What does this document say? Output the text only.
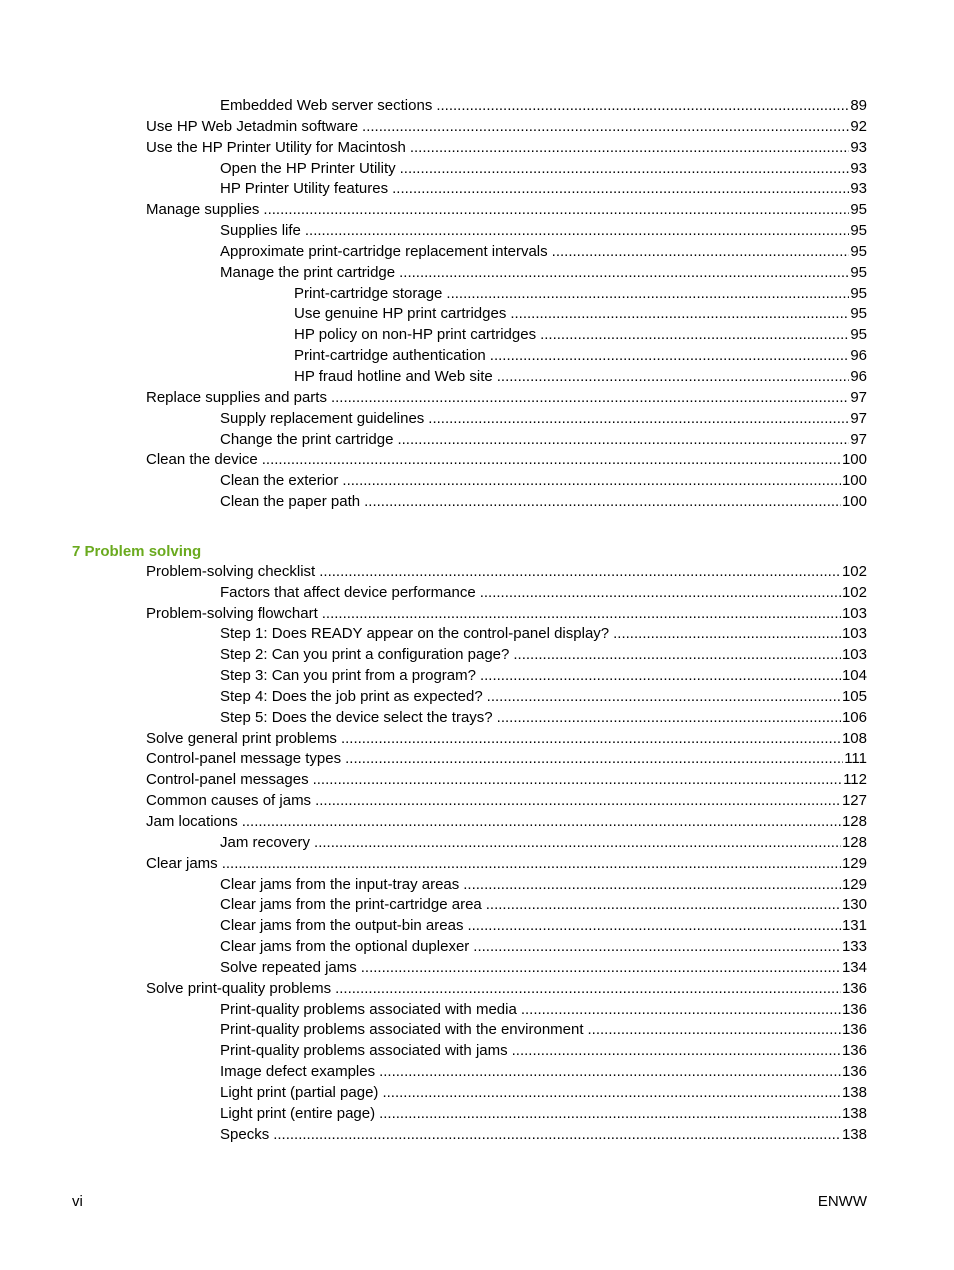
Embedded Web server sections .....	89
Use HP Web Jetadmin software .....	92
Use the HP Printer Utility for Macintosh .....	93
Open the HP Printer Utility .....	93
HP Printer Utility features .....	93
Manage supplies .....	95
Supplies life .....	95
Approximate print-cartridge replacement intervals .....	95
Manage the print cartridge .....	95
Print-cartridge storage .....	95
Use genuine HP print cartridges .....	95
HP policy on non-HP print cartridges .....	95
Print-cartridge authentication .....	96
HP fraud hotline and Web site .....	96
Replace supplies and parts .....	97
Supply replacement guidelines .....	97
Change the print cartridge .....	97
Clean the device .....	100
Clean the exterior .....	100
Clean the paper path .....	100
7 Problem solving
Problem-solving checklist .....	102
Factors that affect device performance .....	102
Problem-solving flowchart .....	103
Step 1: Does READY appear on the control-panel display? .....	103
Step 2: Can you print a configuration page? .....	103
Step 3: Can you print from a program? .....	104
Step 4: Does the job print as expected? .....	105
Step 5: Does the device select the trays? .....	106
Solve general print problems .....	108
Control-panel message types .....	111
Control-panel messages .....	112
Common causes of jams .....	127
Jam locations .....	128
Jam recovery .....	128
Clear jams .....	129
Clear jams from the input-tray areas .....	129
Clear jams from the print-cartridge area .....	130
Clear jams from the output-bin areas .....	131
Clear jams from the optional duplexer .....	133
Solve repeated jams .....	134
Solve print-quality problems .....	136
Print-quality problems associated with media .....	136
Print-quality problems associated with the environment .....	136
Print-quality problems associated with jams .....	136
Image defect examples .....	136
Light print (partial page) .....	138
Light print (entire page) .....	138
Specks .....	138
vi	ENWW
